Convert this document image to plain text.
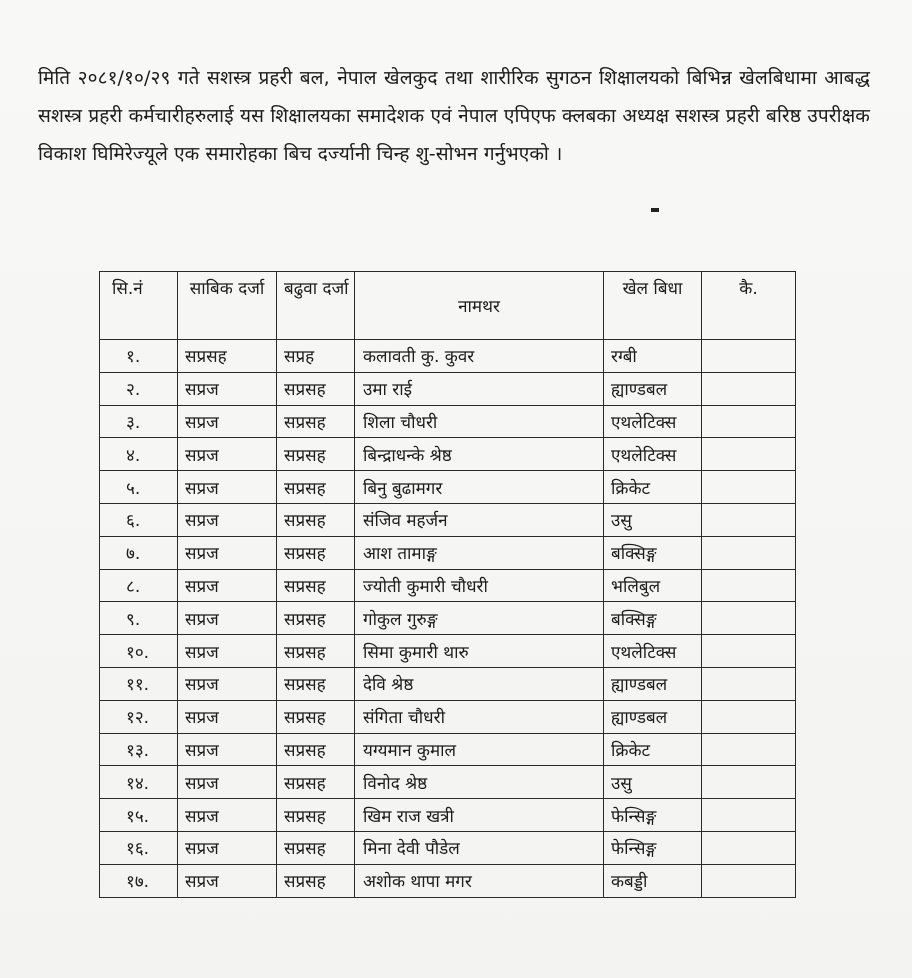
मिति २०८१/१०/२९ गते सशस्त्र प्रहरी बल, नेपाल खेलकुद तथा शारीरिक सुगठन शिक्षालयको बिभिन्न खेलबिधामा आबद्ध सशस्त्र प्रहरी कर्मचारीहरुलाई यस शिक्षालयका समादेशक एवं नेपाल एपिएफ क्लबका अध्यक्ष सशस्त्र प्रहरी बरिष्ठ उपरीक्षक विकाश घिमिरेज्यूले एक समारोहका बिच दर्ज्यानी चिन्ह शु-सोभन गर्नुभएको ।

सि.नं	साबिक दर्जा	बढुवा दर्जा	नामथर	खेल बिधा	कै.
१.	सप्रसह	सप्रह	कलावती कु. कुवर	रग्बी	
२.	सप्रज	सप्रसह	उमा राई	ह्याण्डबल	
३.	सप्रज	सप्रसह	शिला चौधरी	एथलेटिक्स	
४.	सप्रज	सप्रसह	बिन्द्राधन्के श्रेष्ठ	एथलेटिक्स	
५.	सप्रज	सप्रसह	बिनु बुढामगर	क्रिकेट	
६.	सप्रज	सप्रसह	संजिव महर्जन	उसु	
७.	सप्रज	सप्रसह	आश तामाङ्ग	बक्सिङ्ग	
८.	सप्रज	सप्रसह	ज्योती कुमारी चौधरी	भलिबुल	
९.	सप्रज	सप्रसह	गोकुल गुरुङ्ग	बक्सिङ्ग	
१०.	सप्रज	सप्रसह	सिमा कुमारी थारु	एथलेटिक्स	
११.	सप्रज	सप्रसह	देवि श्रेष्ठ	ह्याण्डबल	
१२.	सप्रज	सप्रसह	संगिता चौधरी	ह्याण्डबल	
१३.	सप्रज	सप्रसह	यग्यमान कुमाल	क्रिकेट	
१४.	सप्रज	सप्रसह	विनोद श्रेष्ठ	उसु	
१५.	सप्रज	सप्रसह	खिम राज खत्री	फेन्सिङ्ग	
१६.	सप्रज	सप्रसह	मिना देवी पौडेल	फेन्सिङ्ग	
१७.	सप्रज	सप्रसह	अशोक थापा मगर	कबड्डी	
